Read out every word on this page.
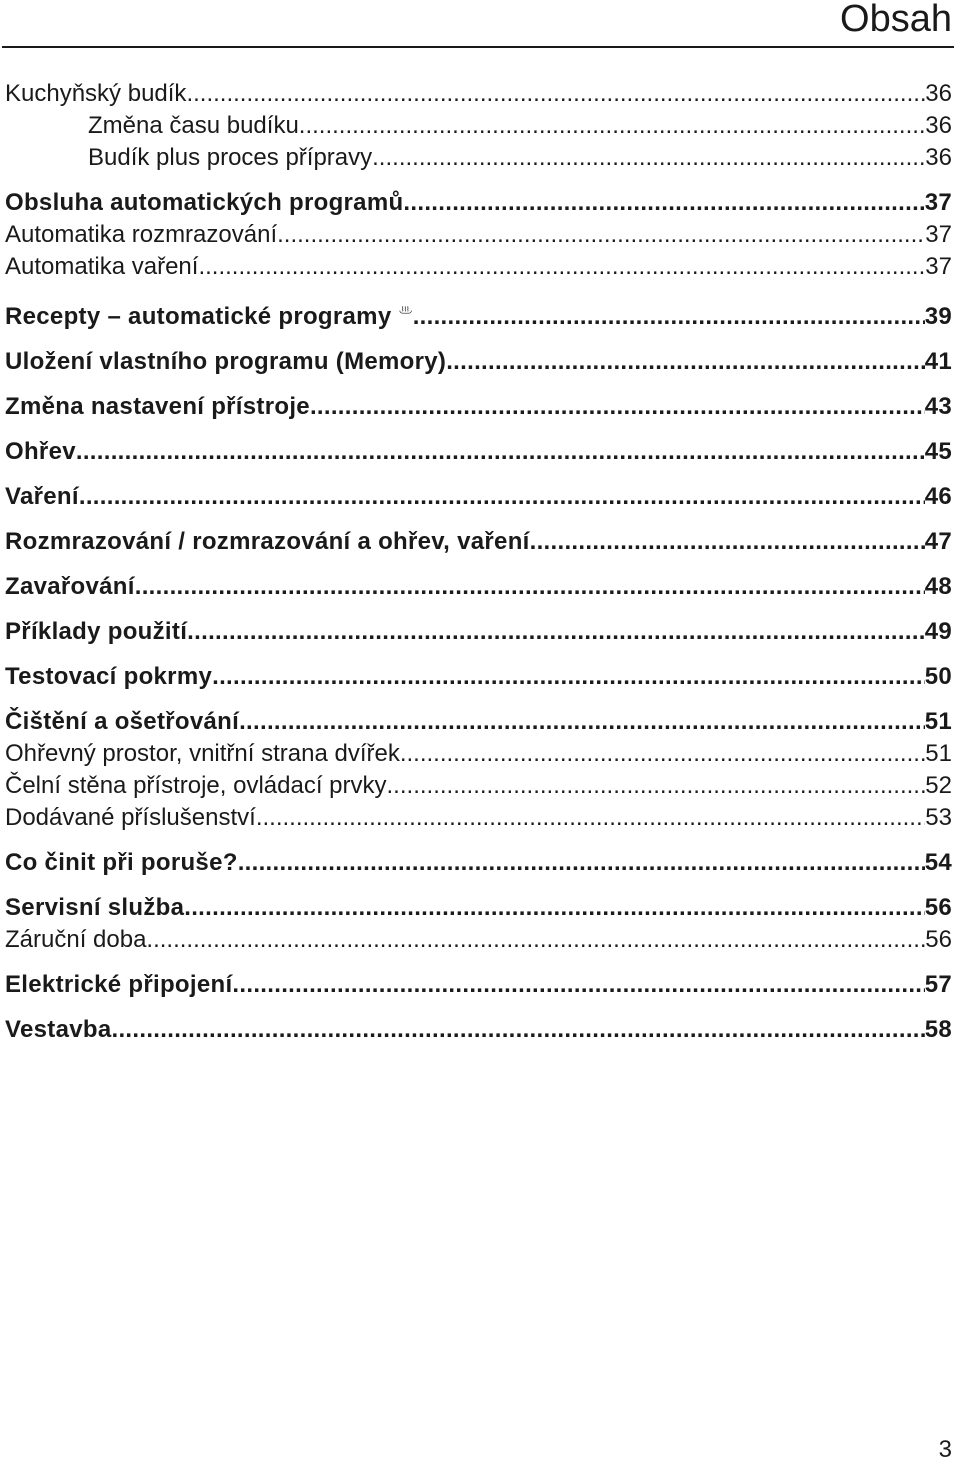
Obsah
Kuchyňský budík .....	36
Změna času budíku .....	36
Budík plus proces přípravy .....	36
Obsluha automatických programů .....	37
Automatika rozmrazování .....	37
Automatika vaření .....	37
Recepty – automatické programy .....	39
Uložení vlastního programu (Memory) .....	41
Změna nastavení přístroje .....	43
Ohřev .....	45
Vaření .....	46
Rozmrazování / rozmrazování a ohřev, vaření .....	47
Zavařování .....	48
Příklady použití .....	49
Testovací pokrmy .....	50
Čištění a ošetřování .....	51
Ohřevný prostor, vnitřní strana dvířek .....	51
Čelní stěna přístroje, ovládací prvky .....	52
Dodávané příslušenství .....	53
Co činit při poruše? .....	54
Servisní služba .....	56
Záruční doba .....	56
Elektrické připojení .....	57
Vestavba .....	58

3
